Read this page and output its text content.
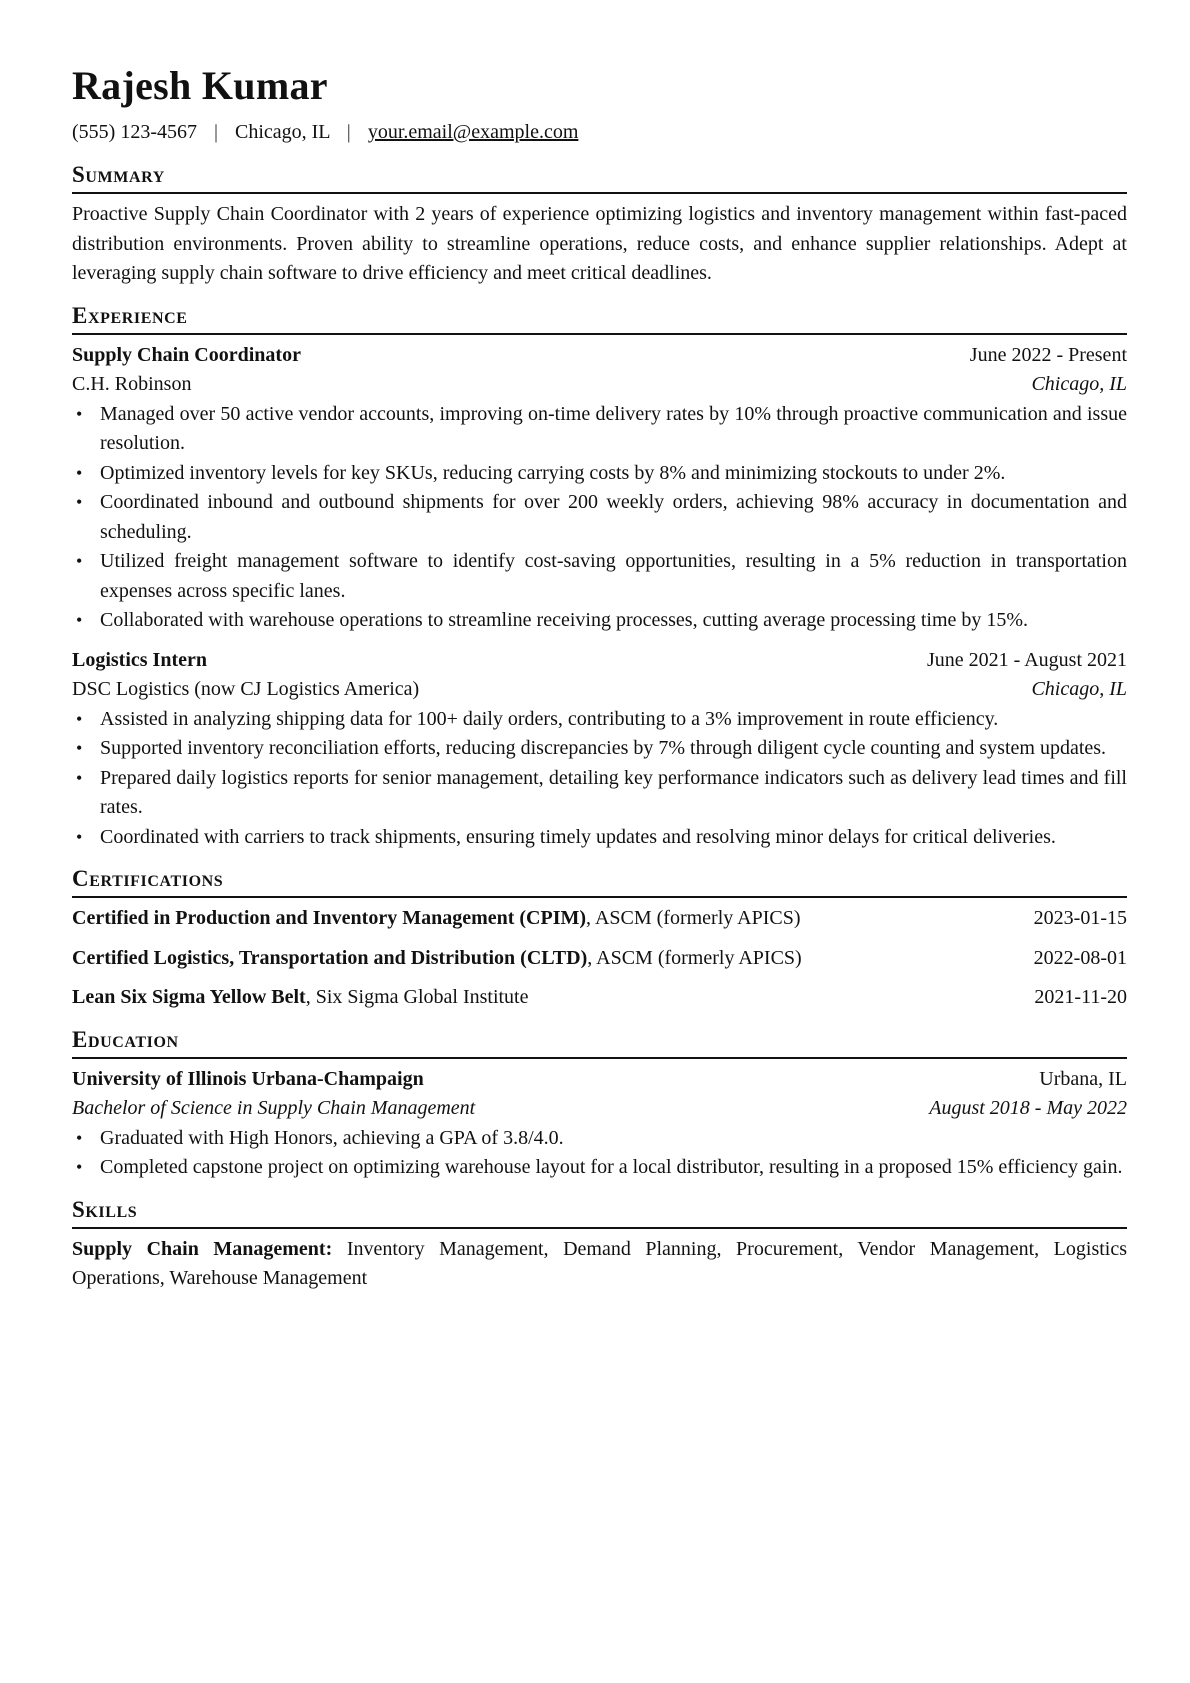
Rajesh Kumar
(555) 123-4567 | Chicago, IL | your.email@example.com
Summary

Proactive Supply Chain Coordinator with 2 years of experience optimizing logistics and inventory management within fast-paced distribution environments. Proven ability to streamline operations, reduce costs, and enhance supplier relationships. Adept at leveraging supply chain software to drive efficiency and meet critical deadlines.

Experience
Supply Chain Coordinator	June 2022 - Present
C.H. Robinson	Chicago, IL
• Managed over 50 active vendor accounts, improving on-time delivery rates by 10% through proactive communication and issue resolution.
• Optimized inventory levels for key SKUs, reducing carrying costs by 8% and minimizing stockouts to under 2%.
• Coordinated inbound and outbound shipments for over 200 weekly orders, achieving 98% accuracy in documentation and scheduling.
• Utilized freight management software to identify cost-saving opportunities, resulting in a 5% reduction in transportation expenses across specific lanes.
• Collaborated with warehouse operations to streamline receiving processes, cutting average processing time by 15%.
Logistics Intern	June 2021 - August 2021
DSC Logistics (now CJ Logistics America)	Chicago, IL
• Assisted in analyzing shipping data for 100+ daily orders, contributing to a 3% improvement in route efficiency.
• Supported inventory reconciliation efforts, reducing discrepancies by 7% through diligent cycle counting and system updates.
• Prepared daily logistics reports for senior management, detailing key performance indicators such as delivery lead times and fill rates.
• Coordinated with carriers to track shipments, ensuring timely updates and resolving minor delays for critical deliveries.
Certifications
Certified in Production and Inventory Management (CPIM), ASCM (formerly APICS)	2023-01-15
Certified Logistics, Transportation and Distribution (CLTD), ASCM (formerly APICS)	2022-08-01
Lean Six Sigma Yellow Belt, Six Sigma Global Institute	2021-11-20
Education
University of Illinois Urbana-Champaign	Urbana, IL
Bachelor of Science in Supply Chain Management	August 2018 - May 2022
• Graduated with High Honors, achieving a GPA of 3.8/4.0.
• Completed capstone project on optimizing warehouse layout for a local distributor, resulting in a proposed 15% efficiency gain.
Skills
Supply Chain Management: Inventory Management, Demand Planning, Procurement, Vendor Management, Logistics Operations, Warehouse Management
